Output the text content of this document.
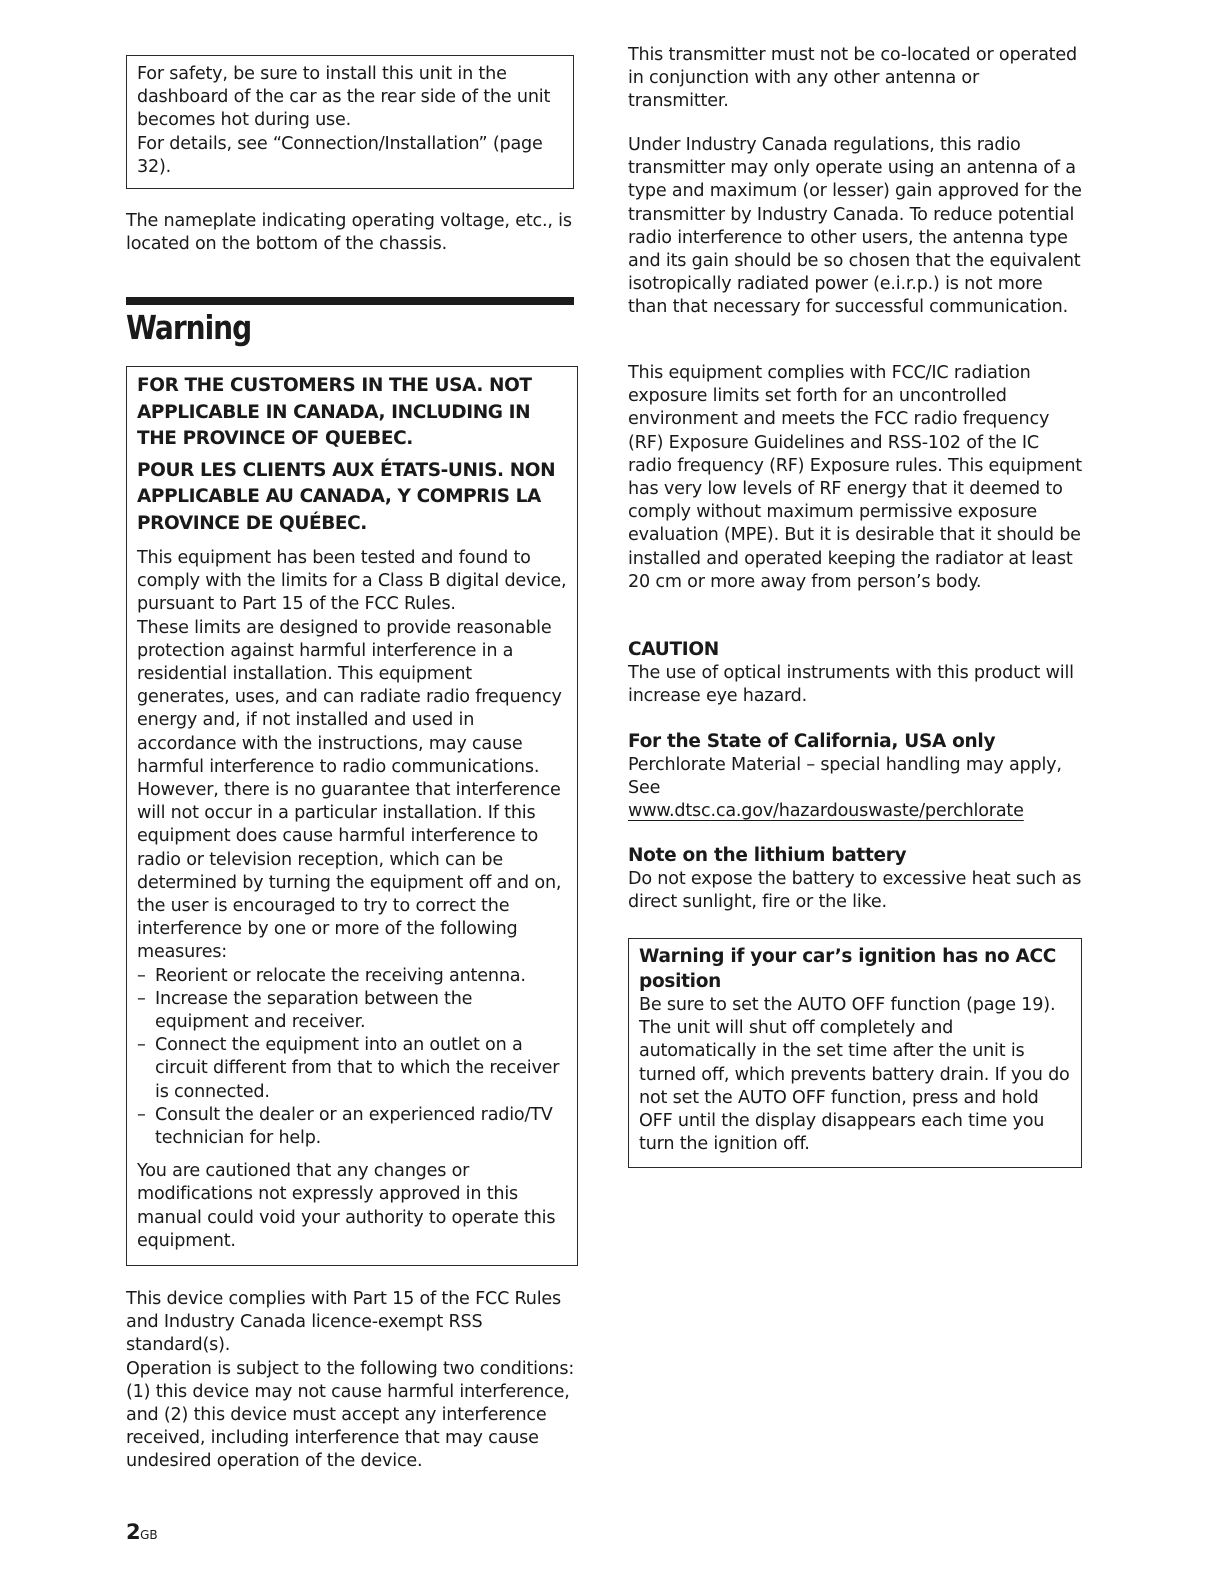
For safety, be sure to install this unit in the dashboard of the car as the rear side of the unit becomes hot during use.

For details, see “Connection/Installation” (page 32).

The nameplate indicating operating voltage, etc., is located on the bottom of the chassis.

Warning

FOR THE CUSTOMERS IN THE USA. NOT APPLICABLE IN CANADA, INCLUDING IN THE PROVINCE OF QUEBEC.

POUR LES CLIENTS AUX ÉTATS-UNIS. NON APPLICABLE AU CANADA, Y COMPRIS LA PROVINCE DE QUÉBEC.

This equipment has been tested and found to comply with the limits for a Class B digital device, pursuant to Part 15 of the FCC Rules.

These limits are designed to provide reasonable protection against harmful interference in a residential installation. This equipment generates, uses, and can radiate radio frequency energy and, if not installed and used in accordance with the instructions, may cause harmful interference to radio communications. However, there is no guarantee that interference will not occur in a particular installation. If this equipment does cause harmful interference to radio or television reception, which can be determined by turning the equipment off and on, the user is encouraged to try to correct the interference by one or more of the following measures:

– Reorient or relocate the receiving antenna.
– Increase the separation between the equipment and receiver.
– Connect the equipment into an outlet on a circuit different from that to which the receiver is connected.
– Consult the dealer or an experienced radio/TV technician for help.

You are cautioned that any changes or modifications not expressly approved in this manual could void your authority to operate this equipment.

This device complies with Part 15 of the FCC Rules and Industry Canada licence-exempt RSS standard(s).

Operation is subject to the following two conditions: (1) this device may not cause harmful interference, and (2) this device must accept any interference received, including interference that may cause undesired operation of the device.

2GB

This transmitter must not be co-located or operated in conjunction with any other antenna or transmitter.

Under Industry Canada regulations, this radio transmitter may only operate using an antenna of a type and maximum (or lesser) gain approved for the transmitter by Industry Canada. To reduce potential radio interference to other users, the antenna type and its gain should be so chosen that the equivalent isotropically radiated power (e.i.r.p.) is not more than that necessary for successful communication.

This equipment complies with FCC/IC radiation exposure limits set forth for an uncontrolled environment and meets the FCC radio frequency (RF) Exposure Guidelines and RSS-102 of the IC radio frequency (RF) Exposure rules. This equipment has very low levels of RF energy that it deemed to comply without maximum permissive exposure evaluation (MPE). But it is desirable that it should be installed and operated keeping the radiator at least 20 cm or more away from person’s body.

CAUTION

The use of optical instruments with this product will increase eye hazard.

For the State of California, USA only

Perchlorate Material – special handling may apply, See

www.dtsc.ca.gov/hazardouswaste/perchlorate

Note on the lithium battery

Do not expose the battery to excessive heat such as direct sunlight, fire or the like.

Warning if your car’s ignition has no ACC position

Be sure to set the AUTO OFF function (page 19). The unit will shut off completely and automatically in the set time after the unit is turned off, which prevents battery drain. If you do not set the AUTO OFF function, press and hold OFF until the display disappears each time you turn the ignition off.
